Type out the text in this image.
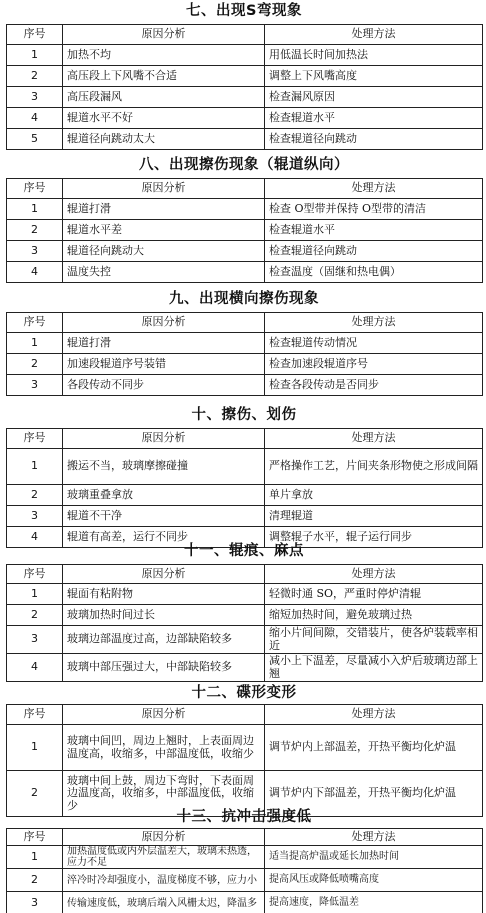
七、出现S弯现象
序号	原因分析	处理方法
1	加热不均	用低温长时间加热法
2	高压段上下风嘴不合适	调整上下风嘴高度
3	高压段漏风	检查漏风原因
4	辊道水平不好	检查辊道水平
5	辊道径向跳动太大	检查辊道径向跳动
八、出现擦伤现象（辊道纵向）
序号	原因分析	处理方法
1	辊道打滑	检查 O型带并保持 O型带的清洁
2	辊道水平差	检查辊道水平
3	辊道径向跳动大	检查辊道径向跳动
4	温度失控	检查温度（固继和热电偶）
九、出现横向擦伤现象
序号	原因分析	处理方法
1	辊道打滑	检查辊道传动情况
2	加速段辊道序号装错	检查加速段辊道序号
3	各段传动不同步	检查各段传动是否同步
十、擦伤、划伤
序号	原因分析	处理方法
1	搬运不当，玻璃摩擦碰撞	严格操作工艺，片间夹条形物使之形成间隔
2	玻璃重叠拿放	单片拿放
3	辊道不干净	清理辊道
4	辊道有高差，运行不同步	调整辊子水平，辊子运行同步
十一、辊痕、麻点
序号	原因分析	处理方法
1	辊面有粘附物	轻微时通 SO，严重时停炉清辊
2	玻璃加热时间过长	缩短加热时间，避免玻璃过热
3	玻璃边部温度过高，边部缺陷较多	缩小片间间隙，交错装片，使各炉装载率相近
4	玻璃中部压强过大，中部缺陷较多	减小上下温差，尽量减小入炉后玻璃边部上翘
十二、碟形变形
序号	原因分析	处理方法
1	玻璃中间凹，周边上翘时，上表面周边温度高，收缩多，中部温度低，收缩少	调节炉内上部温差，开热平衡均化炉温
2	玻璃中间上鼓，周边下弯时，下表面周边温度高，收缩多，中部温度低，收缩少	调节炉内下部温差，开热平衡均化炉温
十三、抗冲击强度低
序号	原因分析	处理方法
1	加热温度低或内外层温差大，玻璃未热透，应力不足	适当提高炉温或延长加热时间
2	淬冷时冷却强度小，温度梯度不够，应力小	提高风压或降低喷嘴高度
3	传输速度低，玻璃后端入风栅太迟，降温多	提高速度，降低温差
